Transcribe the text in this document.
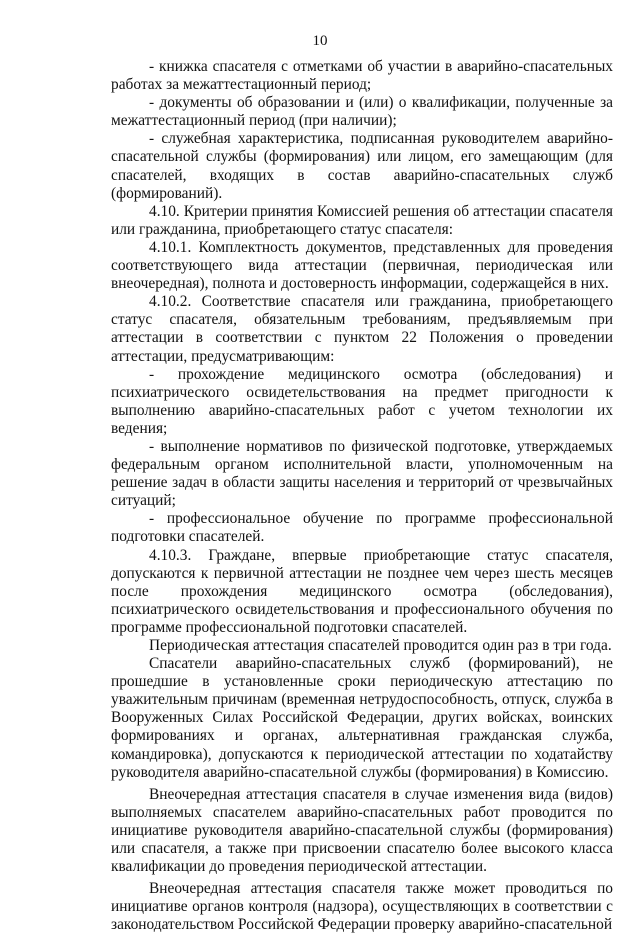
10

- книжка спасателя с отметками об участии в аварийно-спасательных работах за межаттестационный период;

- документы об образовании и (или) о квалификации, полученные за межаттестационный период (при наличии);

- служебная характеристика, подписанная руководителем аварийно-спасательной службы (формирования) или лицом, его замещающим (для спасателей, входящих в состав аварийно-спасательных служб (формирований).

4.10. Критерии принятия Комиссией решения об аттестации спасателя или гражданина, приобретающего статус спасателя:

4.10.1. Комплектность документов, представленных для проведения соответствующего вида аттестации (первичная, периодическая или внеочередная), полнота и достоверность информации, содержащейся в них.

4.10.2. Соответствие спасателя или гражданина, приобретающего статус спасателя, обязательным требованиям, предъявляемым при аттестации в соответствии с пунктом 22 Положения о проведении аттестации, предусматривающим:

- прохождение медицинского осмотра (обследования) и психиатрического освидетельствования на предмет пригодности к выполнению аварийно-спасательных работ с учетом технологии их ведения;

- выполнение нормативов по физической подготовке, утверждаемых федеральным органом исполнительной власти, уполномоченным на решение задач в области защиты населения и территорий от чрезвычайных ситуаций;

- профессиональное обучение по программе профессиональной подготовки спасателей.

4.10.3. Граждане, впервые приобретающие статус спасателя, допускаются к первичной аттестации не позднее чем через шесть месяцев после прохождения медицинского осмотра (обследования), психиатрического освидетельствования и профессионального обучения по программе профессиональной подготовки спасателей.

Периодическая аттестация спасателей проводится один раз в три года.

Спасатели аварийно-спасательных служб (формирований), не прошедшие в установленные сроки периодическую аттестацию по уважительным причинам (временная нетрудоспособность, отпуск, служба в Вооруженных Силах Российской Федерации, других войсках, воинских формированиях и органах, альтернативная гражданская служба, командировка), допускаются к периодической аттестации по ходатайству руководителя аварийно-спасательной службы (формирования) в Комиссию.

Внеочередная аттестация спасателя в случае изменения вида (видов) выполняемых спасателем аварийно-спасательных работ проводится по инициативе руководителя аварийно-спасательной службы (формирования) или спасателя, а также при присвоении спасателю более высокого класса квалификации до проведения периодической аттестации.

Внеочередная аттестация спасателя также может проводиться по инициативе органов контроля (надзора), осуществляющих в соответствии с законодательством Российской Федерации проверку аварийно-спасательной
